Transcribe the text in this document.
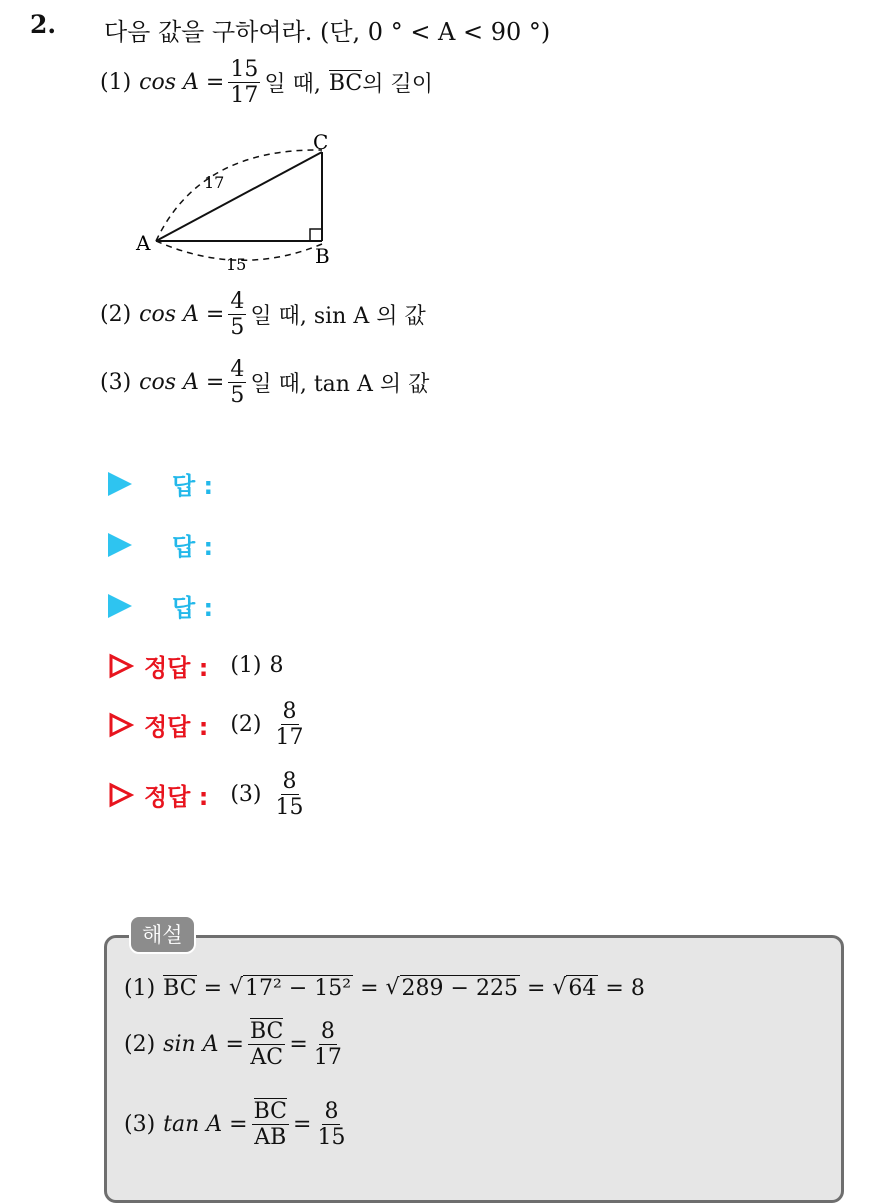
2. 다음 값을 구하여라. (단, 0 ° < A < 90 °)
(1) $\cos A = \frac{15}{17}$ 일 때, BC 의 길이
A
B
C
17
15
(2) $\cos A = \frac{4}{5}$ 일 때, sin A 의 값
(3) $\cos A = \frac{4}{5}$ 일 때, tan A 의 값
답 :
답 :
답 :
정답 : (1) 8
정답 : $(2) \frac{8}{17}$
정답 : $(3) \frac{8}{15}$
해설
(1) BC = √ 17² − 15² = √ 289 − 225 = √ 64 = 8
(2) $\sin A = \frac{BC}{AC} = \frac{8}{17}$
(3) $\tan A = \frac{BC}{AB} = \frac{8}{15}$
